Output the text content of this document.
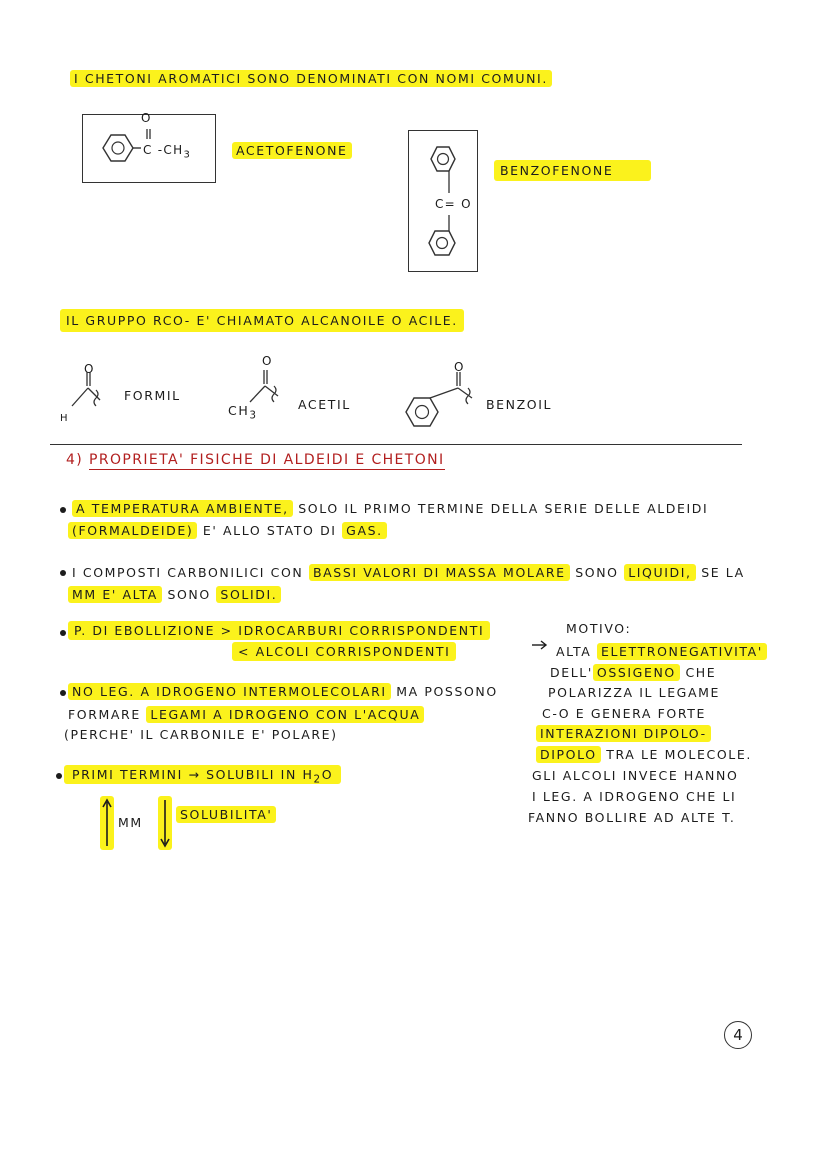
I CHETONI AROMATICI SONO DENOMINATI CON NOMI COMUNI.
O
C $-CH_3$	ACETOFENONE
C= O
BENZOFENONE
IL GRUPPO RCO- E' CHIAMATO ALCANOILE O ACILE.
O
H
FORMIL
O
$CH_3$
ACETIL
O
BENZOIL
4) PROPRIETA' FISICHE DI ALDEIDI E CHETONI
A TEMPERATURA AMBIENTE, SOLO IL PRIMO TERMINE DELLA SERIE DELLE ALDEIDI
(FORMALDEIDE) E' ALLO STATO DI GAS.
I COMPOSTI CARBONILICI CON BASSI VALORI DI MASSA MOLARE SONO LIQUIDI, SE LA
MM E' ALTA SONO SOLIDI.
P. DI EBOLLIZIONE > IDROCARBURI CORRISPONDENTI
< ALCOLI CORRISPONDENTI
NO LEG. A IDROGENO INTERMOLECOLARI MA POSSONO
FORMARE LEGAMI A IDROGENO CON L'ACQUA
(PERCHE' IL CARBONILE E' POLARE)
PRIMI TERMINI → SOLUBILI IN $H_2O$
MM
SOLUBILITA'
MOTIVO:
ALTA ELETTRONEGATIVITA'
DELL' OSSIGENO CHE
POLARIZZA IL LEGAME
C-O E GENERA FORTE
INTERAZIONI DIPOLO-
DIPOLO TRA LE MOLECOLE.
GLI ALCOLI INVECE HANNO
I LEG. A IDROGENO CHE LI
FANNO BOLLIRE AD ALTE T.
4
